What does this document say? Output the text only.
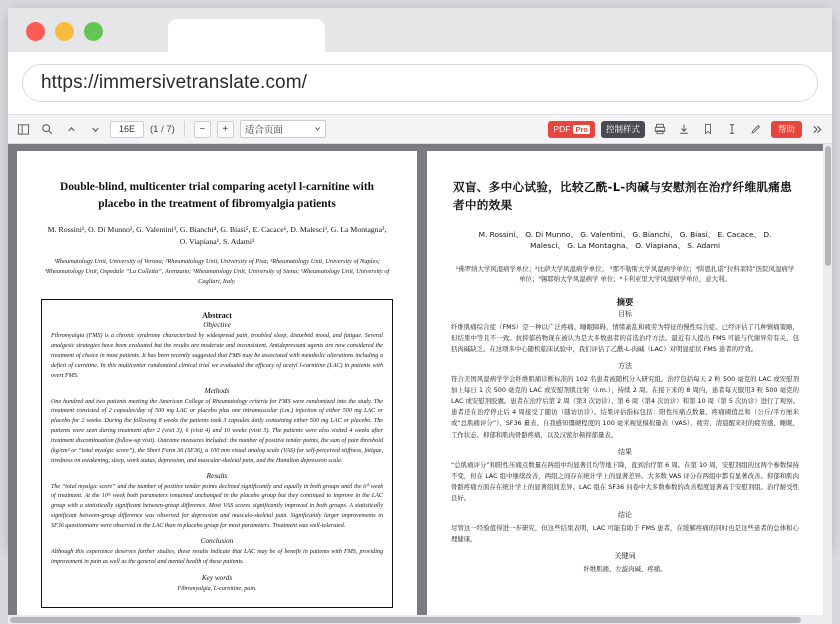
https://immersivetranslate.com/
16E	(1 / 7)	−	+	适合页面	PDF Pro 控制样式	帮助
Double-blind, multicenter trial comparing acetyl l-carnitine with placebo in the treatment of fibromyalgia patients
M. Rossini¹, O. Di Munno², G. Valentini³, G. Bianchi⁴, G. Biasi⁵, E. Cacace⁶, D. Malesci³, G. La Montagna³, O. Viapiana¹, S. Adami¹
¹Rheumatology Unit, University of Verona; ²Rheumatology Unit, University of Pisa; ³Rheumatology Unit, University of Naples; ⁴Rheumatology Unit, Ospedale “La Colletta”, Arenzano; ⁵Rheumatology Unit, University of Siena; ⁶Rheumatology Unit, University of Cagliari, Italy.
Abstract
Objective
Fibromyalgia (FMS) is a chronic syndrome characterized by widespread pain, troubled sleep, disturbed mood, and fatigue. Several analgesic strategies have been evaluated but the results are moderate and inconsistent. Antidepressant agents are now considered the treatment of choice in most patients. It has been recently suggested that FMS may be associated with metabolic alterations including a deficit of carnitine. In this multicenter randomized clinical trial we evaluated the efficacy of acetyl l-carnitine (LAC) in patients with overt FMS.
Methods
One hundred and two patients meeting the American College of Rheumatology criteria for FMS were randomized into the study. The treatment consisted of 2 capsules/day of 500 mg LAC or placebo plus one intramuscular (i.m.) injection of either 500 mg LAC or placebo for 2 weeks. During the following 8 weeks the patients took 3 capsules daily containing either 500 mg LAC or placebo. The patients were seen during treatment after 2 (visit 3), 6 (visit 4) and 10 weeks (visit 5). The patients were also visited 4 weeks after treatment discontinuation (follow-up visit). Outcome measures included: the number of positive tender points, the sum of pain threshold (kg/cm² or “total myalgic score”), the Short Form 36 (SF36), a 100 mm visual analog scale (VAS) for self-perceived stiffness, fatigue, tiredness on awakening, sleep, work status, depression, and muscular-skeletal pain, and the Hamilton depression scale.
Results
The “total myalgic score” and the number of positive tender points declined significantly and equally in both groups until the 6ᵗʰ week of treatment. At the 10ᵗʰ week both parameters remained unchanged in the placebo group but they continued to improve in the LAC group with a statistically significant between-group difference. Most VAS scores significantly improved in both groups. A statistically significant between-group difference was observed for depression and musculo-skeletal pain. Significantly larger improvements in SF36 questionnaire were observed in the LAC than in placebo group for most parameters. Treatment was well-tolerated.
Conclusion
Although this experience deserves further studies, these results indicate that LAC may be of benefit in patients with FMS, providing improvement in pain as well as the general and mental health of these patients.
Key words
Fibromyalgia, L-carnitine, pain.
双盲、多中心试验，比较乙酰-L-肉碱与安慰剂在治疗纤维肌痛患者中的效果
M. Rossini、 O. Di Munno、 G. Valentini、 G. Bianchi、 G. Biasi、 E. Cacace、 D. Malesci、 G. La Montagna、 O. Viapiana、 S. Adami
¹佛罗纳大学风湿病学单位；²比萨大学风湿病学单位； ³那不勒斯大学风湿病学单位；⁴阱恩扎诺“拉科莱特”医院风湿病学单位；⁵锡耶纳大学风湿病学 单位；⁶卡利亚里大学风湿病学单位，意大利。
摘要
目标
纤维肌痛综合症（FMS）是一种以广泛疼痛、睡眠障碍、情绪紊乱和疲劳为特征的慢性综合症。已经评估了几种镇痛策略，但结果中等且不一致。抗抑郁药物现在被认为是大多数患者的首选治疗方法。最近有人提出 FMS 可能与代谢异常有关，包括肉碱缺乏。在这项多中心随机临床试验中，我们评估了乙酰-L-肉碱（LAC）对明显症状 FMS 患者的疗效。
方法
符合美国风湿病学学会纤维肌痛诊断标准的 102 名患者被随机分入研究组。治疗包括每天 2 粒 500 毫克的 LAC 或安慰剂加上每日 1 次 500 毫克的 LAC 或安慰剂肌注射（i.m.），持续 2 周。在接下来的 8 周内，患者每天服用3 粒 500 毫克的 LAC 或安慰剂胶囊。患者在治疗后第 2 周（第3 次访诊）、第 6 周（第4 次访诊）和第 10 周（第 5 次访诊）进行了观察。患者还在治疗停止后 4 周接受了随访（随访访诊）。结果评估指标包括：阳性压痛点数量、疼痛阈值总和（公斤/平方厘米或“总肌痛评分”）、SF36 量表、自我感知僵硬程度的 100 毫米视觉模拟量表（VAS）、疲劳、清晨醒来时的疲劳感、睡眠、工作状态、抑郁和肌肉骨骼疼痛，以及汉密尔顿抑郁量表。
结果
“总肌痛评分”和阳性压痛点数量在两组中均显著且均等地下降，直到治疗第 6 周。在第 10 周，安慰剂组的这两个参数保持不变，但在 LAC 组中继续改善，两组之间存在统计学上的显著差异。大多数 VAS 评分在两组中都有显著改善。抑郁和肌肉骨骼疼痛方面存在统计学上的显著组间差异。LAC 组在 SF36 问卷中大多数参数的改善程度显著高于安慰剂组。治疗耐受性良好。
结论
尽管这一经验值得进一步研究，但这些结果表明，LAC 可能有助于 FMS 患者，在缓解疼痛的同时也是这些患者的总体和心理健康。
关键词
纤维肌痛、左旋肉碱、疼痛。
